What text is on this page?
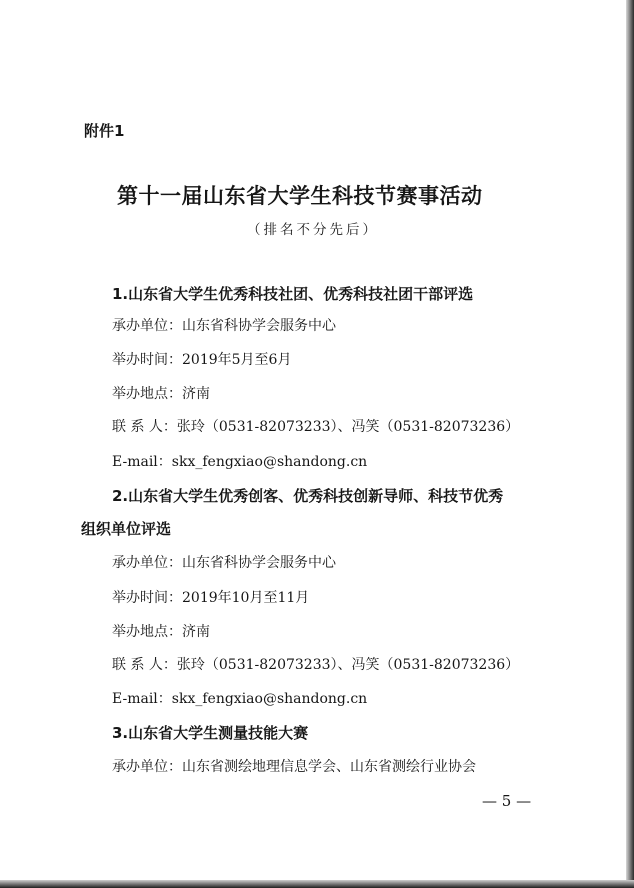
附件1
第十一届山东省大学生科技节赛事活动
（排名不分先后）
1.山东省大学生优秀科技社团、优秀科技社团干部评选
承办单位：山东省科协学会服务中心
举办时间：2019年5月至6月
举办地点：济南
联 系 人：张玲（0531-82073233）、冯笑（0531-82073236）
E-mail：skx_fengxiao@shandong.cn
2.山东省大学生优秀创客、优秀科技创新导师、科技节优秀
组织单位评选
承办单位：山东省科协学会服务中心
举办时间：2019年10月至11月
举办地点：济南
联 系 人：张玲（0531-82073233）、冯笑（0531-82073236）
E-mail：skx_fengxiao@shandong.cn
3.山东省大学生测量技能大赛
承办单位：山东省测绘地理信息学会、山东省测绘行业协会
— 5 —
